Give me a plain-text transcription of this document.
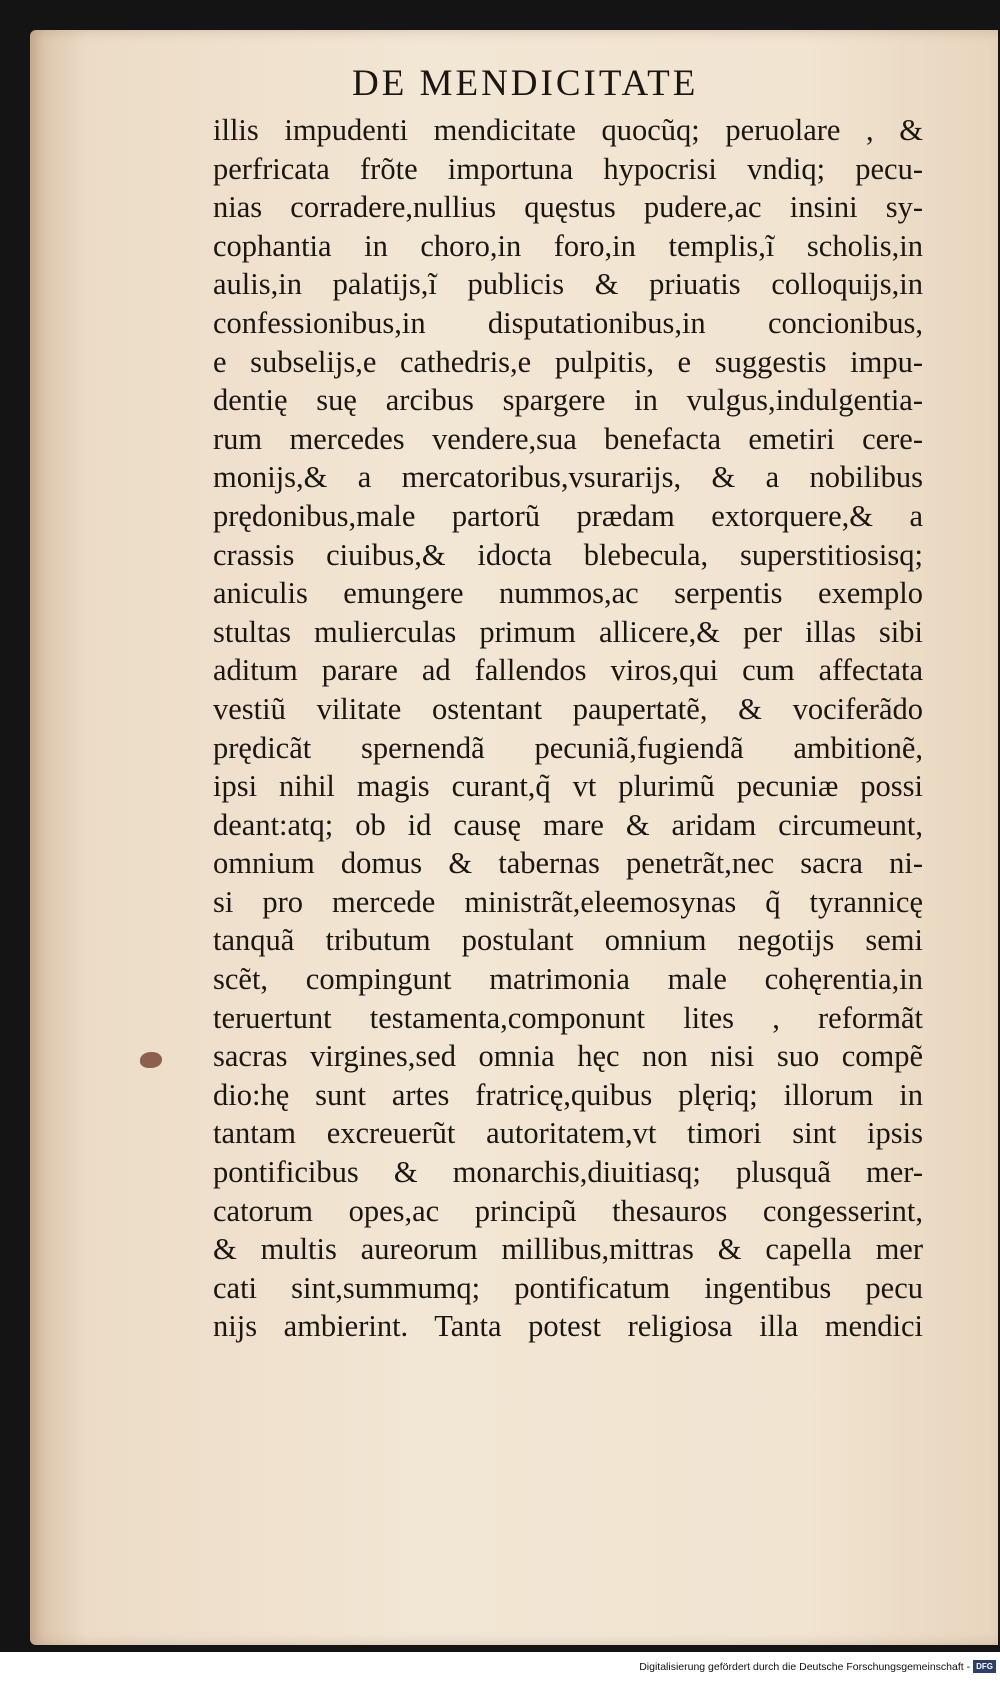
DE MENDICITATE
illis impudenti mendicitate quocũq; peruolare , &
perfricata frõte importuna hypocrisi vndiq; pecu-
nias corradere,nullius quęstus pudere,ac insini sy-
cophantia in choro,in foro,in templis,ĩ scholis,in
aulis,in palatijs,ĩ publicis & priuatis colloquijs,in
confessionibus,in disputationibus,in concionibus,
e subselijs,e cathedris,e pulpitis, e suggestis impu-
dentię suę arcibus spargere in vulgus,indulgentia-
rum mercedes vendere,sua benefacta emetiri cere-
monijs,& a mercatoribus,vsurarijs, & a nobilibus
prędonibus,male partorũ prædam extorquere,& a
crassis ciuibus,& idocta blebecula, superstitiosisq;
aniculis emungere nummos,ac serpentis exemplo
stultas mulierculas primum allicere,& per illas sibi
aditum parare ad fallendos viros,qui cum affectata
vestiũ vilitate ostentant paupertatẽ, & vociferãdo
prędicãt spernendã pecuniã,fugiendã ambitionẽ,
ipsi nihil magis curant,q̃ vt plurimũ pecuniæ possi
deant:atq; ob id causę mare & aridam circumeunt,
omnium domus & tabernas penetrãt,nec sacra ni-
si pro mercede ministrãt,eleemosynas q̃ tyrannicę
tanquã tributum postulant omnium negotijs semi
scẽt, compingunt matrimonia male cohęrentia,in
teruertunt testamenta,componunt lites , reformãt
sacras virgines,sed omnia hęc non nisi suo compẽ
dio:hę sunt artes fratricę,quibus plęriq; illorum in
tantam excreuerũt autoritatem,vt timori sint ipsis
pontificibus & monarchis,diuitiasq; plusquã mer-
catorum opes,ac principũ thesauros congesserint,
& multis aureorum millibus,mittras & capella mer
cati sint,summumq; pontificatum ingentibus pecu
nijs ambierint. Tanta potest religiosa illa mendici
Digitalisierung gefördert durch die Deutsche Forschungsgemeinschaft - DFG
